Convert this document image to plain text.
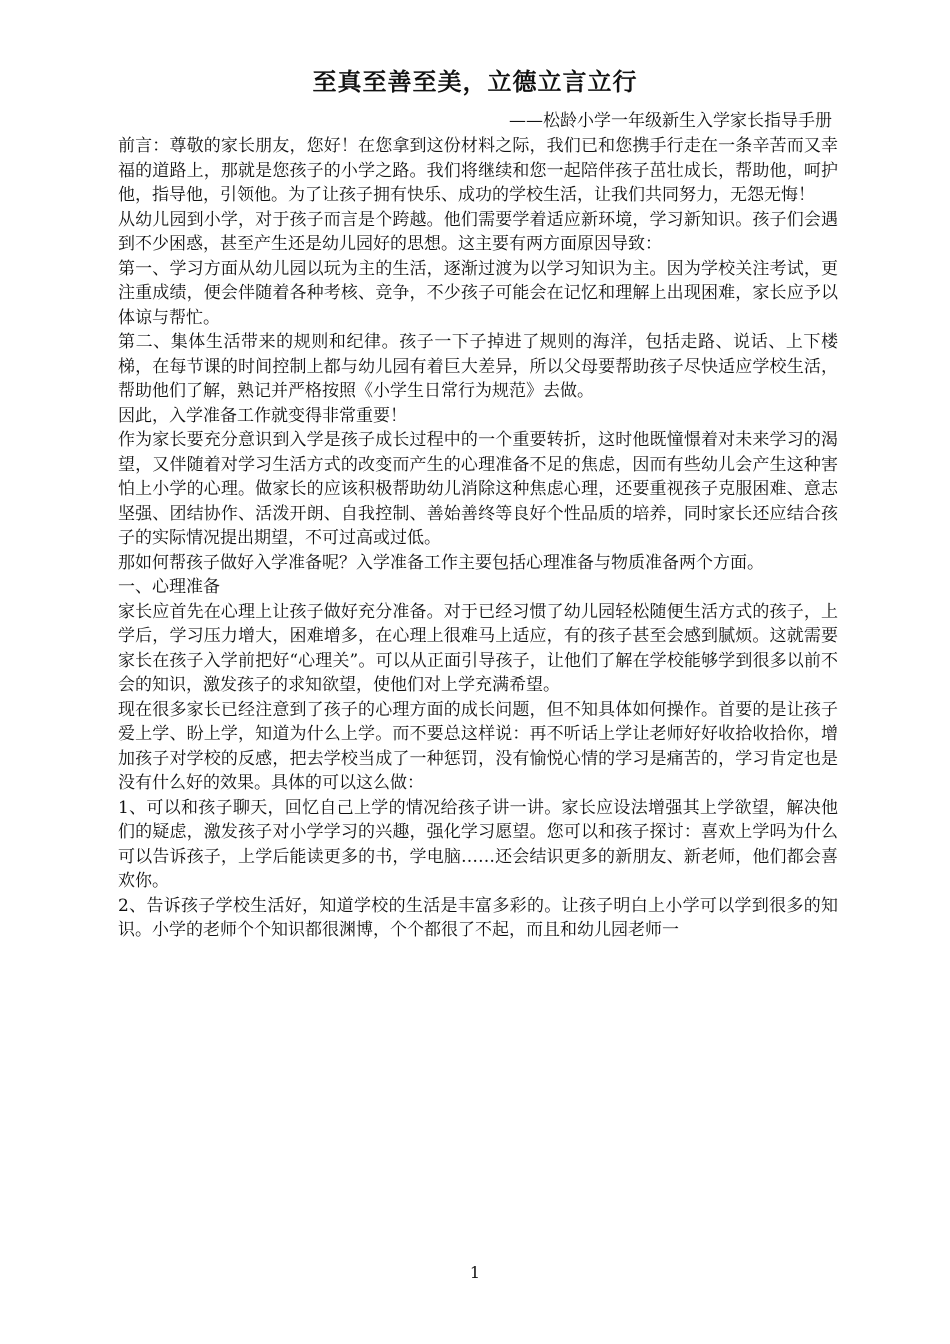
至真至善至美，立德立言立行
——松龄小学一年级新生入学家长指导手册

前言：尊敬的家长朋友，您好！在您拿到这份材料之际，我们已和您携手行走在一条辛苦而又幸福的道路上，那就是您孩子的小学之路。我们将继续和您一起陪伴孩子茁壮成长，帮助他，呵护他，指导他，引领他。为了让孩子拥有快乐、成功的学校生活，让我们共同努力，无怨无悔！

从幼儿园到小学，对于孩子而言是个跨越。他们需要学着适应新环境，学习新知识。孩子们会遇到不少困惑，甚至产生还是幼儿园好的思想。这主要有两方面原因导致：

第一、学习方面从幼儿园以玩为主的生活，逐渐过渡为以学习知识为主。因为学校关注考试，更注重成绩，便会伴随着各种考核、竞争，不少孩子可能会在记忆和理解上出现困难，家长应予以体谅与帮忙。

第二、集体生活带来的规则和纪律。孩子一下子掉进了规则的海洋，包括走路、说话、上下楼梯，在每节课的时间控制上都与幼儿园有着巨大差异，所以父母要帮助孩子尽快适应学校生活，帮助他们了解，熟记并严格按照《小学生日常行为规范》去做。

因此，入学准备工作就变得非常重要！

作为家长要充分意识到入学是孩子成长过程中的一个重要转折，这时他既憧憬着对未来学习的渴望，又伴随着对学习生活方式的改变而产生的心理准备不足的焦虑，因而有些幼儿会产生这种害怕上小学的心理。做家长的应该积极帮助幼儿消除这种焦虑心理，还要重视孩子克服困难、意志坚强、团结协作、活泼开朗、自我控制、善始善终等良好个性品质的培养，同时家长还应结合孩子的实际情况提出期望，不可过高或过低。

那如何帮孩子做好入学准备呢？入学准备工作主要包括心理准备与物质准备两个方面。

一、心理准备

家长应首先在心理上让孩子做好充分准备。对于已经习惯了幼儿园轻松随便生活方式的孩子，上学后，学习压力增大，困难增多，在心理上很难马上适应，有的孩子甚至会感到腻烦。这就需要家长在孩子入学前把好“心理关”。可以从正面引导孩子，让他们了解在学校能够学到很多以前不会的知识，激发孩子的求知欲望，使他们对上学充满希望。

现在很多家长已经注意到了孩子的心理方面的成长问题，但不知具体如何操作。首要的是让孩子爱上学、盼上学，知道为什么上学。而不要总这样说：再不听话上学让老师好好收拾收拾你，增加孩子对学校的反感，把去学校当成了一种惩罚，没有愉悦心情的学习是痛苦的，学习肯定也是没有什么好的效果。具体的可以这么做：

1、可以和孩子聊天，回忆自己上学的情况给孩子讲一讲。家长应设法增强其上学欲望，解决他们的疑虑，激发孩子对小学学习的兴趣，强化学习愿望。您可以和孩子探讨：喜欢上学吗为什么可以告诉孩子，上学后能读更多的书，学电脑……还会结识更多的新朋友、新老师，他们都会喜欢你。

2、告诉孩子学校生活好，知道学校的生活是丰富多彩的。让孩子明白上小学可以学到很多的知识。小学的老师个个知识都很渊博，个个都很了不起，而且和幼儿园老师一

1
